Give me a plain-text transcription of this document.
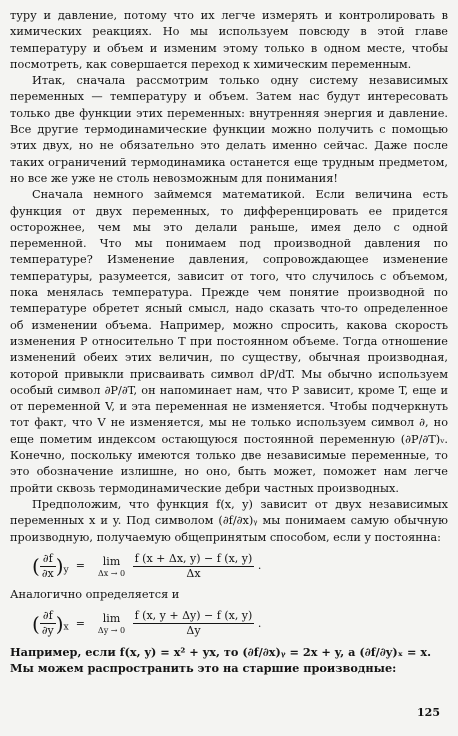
туру и давление, потому что их легче измерять и контролировать в химических реакциях. Но мы используем повсюду в этой главе температуру и объем и изменим этому только в одном месте, чтобы посмотреть, как совершается переход к химическим переменным.

Итак, сначала рассмотрим только одну систему независимых переменных — температуру и объем. Затем нас будут интересовать только две функции этих переменных: внутренняя энергия и давление. Все другие термодинамические функции можно получить с помощью этих двух, но не обязательно это делать именно сейчас. Даже после таких ограничений термодинамика останется еще трудным предметом, но все же уже не столь невозможным для понимания!

Сначала немного займемся математикой. Если величина есть функция от двух переменных, то дифференцировать ее придется осторожнее, чем мы это делали раньше, имея дело с одной переменной. Что мы понимаем под производной давления по температуре? Изменение давления, сопровождающее изменение температуры, разумеется, зависит от того, что случилось с объемом, пока менялась температура. Прежде чем понятие производной по температуре обретет ясный смысл, надо сказать что-то определенное об изменении объема. Например, можно спросить, какова скорость изменения P относительно T при постоянном объеме. Тогда отношение изменений обеих этих величин, по существу, обычная производная, которой привыкли присваивать символ dP/dT. Мы обычно используем особый символ ∂P/∂T, он напоминает нам, что P зависит, кроме T, еще и от переменной V, и эта переменная не изменяется. Чтобы подчеркнуть тот факт, что V не изменяется, мы не только используем символ ∂, но еще пометим индексом остающуюся постоянной переменную (∂P/∂T)ᵥ. Конечно, поскольку имеются только две независимые переменные, то это обозначение излишне, но оно, быть может, поможет нам легче пройти сквозь термодинамические дебри частных производных.

Предположим, что функция f(x, y) зависит от двух независимых переменных x и y. Под символом (∂f/∂x)ᵧ мы понимаем самую обычную производную, получаемую общепринятым способом, если y постоянна:

( $\frac{\partial f}{\partial x} )_y = \lim$
Δx → 0
$\frac{f (x + \Delta x, y) - f (x, y)}{\Delta x}$ .

Аналогично определяется и

( $\frac{\partial f}{\partial y} )_x = \lim$
Δy → 0
$\frac{f (x, y + \Delta y) - f (x, y)}{\Delta y}$ .

Например, если f(x, y) = x² + yx, то (∂f/∂x)ᵧ = 2x + y, а (∂f/∂y)ₓ = x.

Мы можем распространить это на старшие производные:

125
